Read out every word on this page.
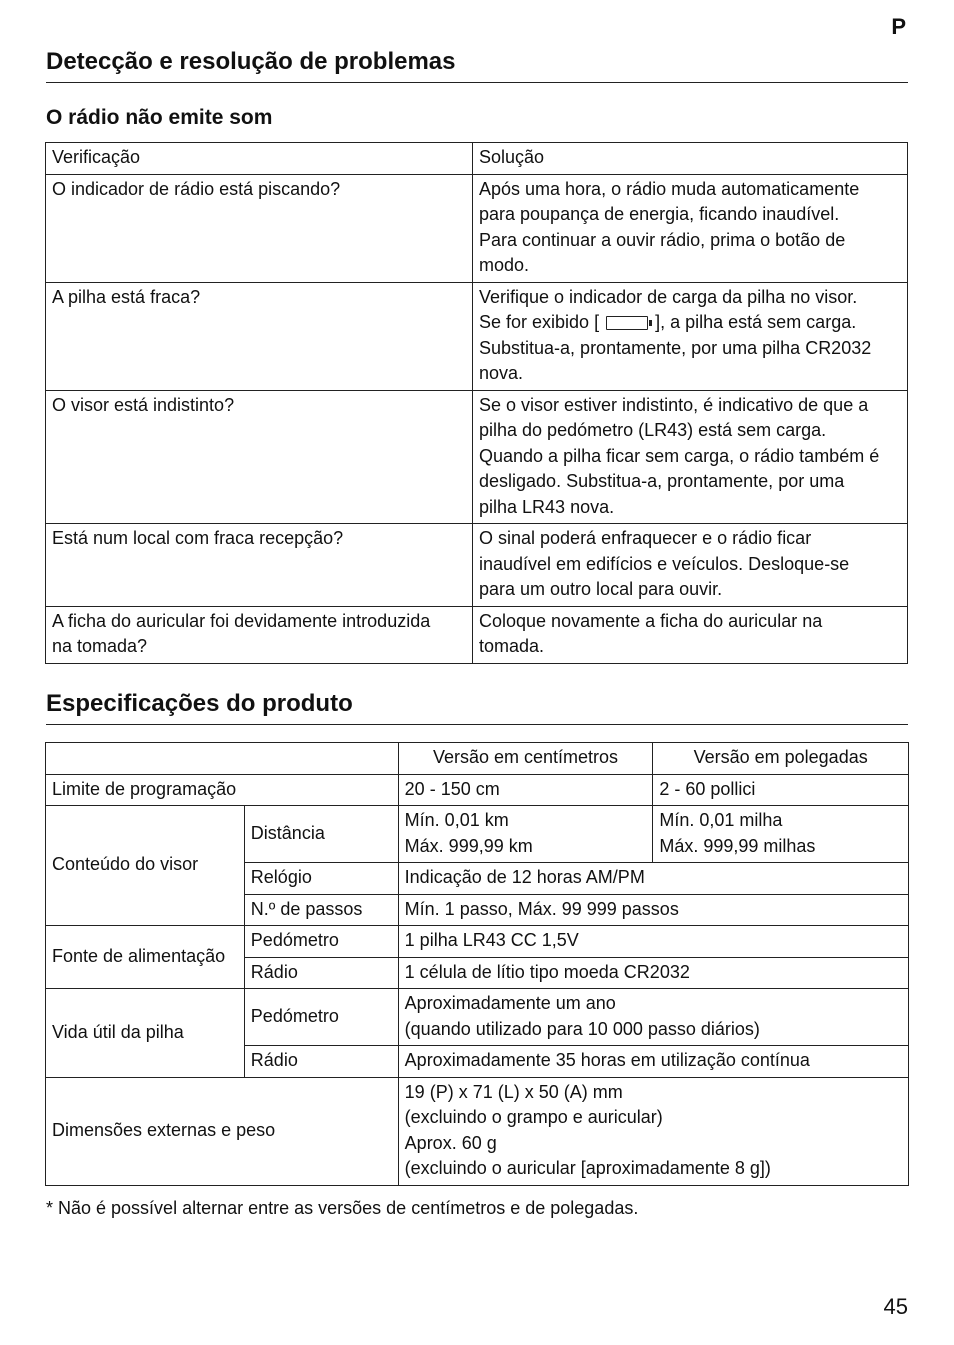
P
Detecção e resolução de problemas
O rádio não emite som
Verificação	Solução
O indicador de rádio está piscando?	Após uma hora, o rádio muda automaticamente
para poupança de energia, ficando inaudível.
Para continuar a ouvir rádio, prima o botão de
modo.

A pilha está fraca?	Verifique o indicador de carga da pilha no visor.
Se for exibido [ ], a pilha está sem carga.
Substitua-a, prontamente, por uma pilha CR2032
nova.

O visor está indistinto?	Se o visor estiver indistinto, é indicativo de que a
pilha do pedómetro (LR43) está sem carga.
Quando a pilha ficar sem carga, o rádio também é
desligado. Substitua-a, prontamente, por uma
pilha LR43 nova.

Está num local com fraca recepção?	O sinal poderá enfraquecer e o rádio ficar
inaudível em edifícios e veículos. Desloque-se
para um outro local para ouvir.

A ficha do auricular foi devidamente introduzida
na tomada?	Coloque novamente a ficha do auricular na
tomada.
Especificações do produto
		Versão em centímetros	Versão em polegadas
Limite de programação		20 - 150 cm	2 - 60 pollici
Conteúdo do visor	Distância	Mín. 0,01 km
Máx. 999,99 km	Mín. 0,01 milha
Máx. 999,99 milhas

	Relógio	Indicação de 12 horas AM/PM	
	N.º de passos	Mín. 1 passo, Máx. 99 999 passos	
Fonte de alimentação	Pedómetro	1 pilha LR43 CC 1,5V	
	Rádio	1 célula de lítio tipo moeda CR2032	
Vida útil da pilha	Pedómetro	Aproximadamente um ano
(quando utilizado para 10 000 passo diários)	

	Rádio	Aproximadamente 35 horas em utilização contínua	
Dimensões externas e peso		19 (P) x 71 (L) x 50 (A) mm
(excluindo o grampo e auricular)
Aprox. 60 g
(excluindo o auricular [aproximadamente 8 g])	
* Não é possível alternar entre as versões de centímetros e de polegadas.
45
